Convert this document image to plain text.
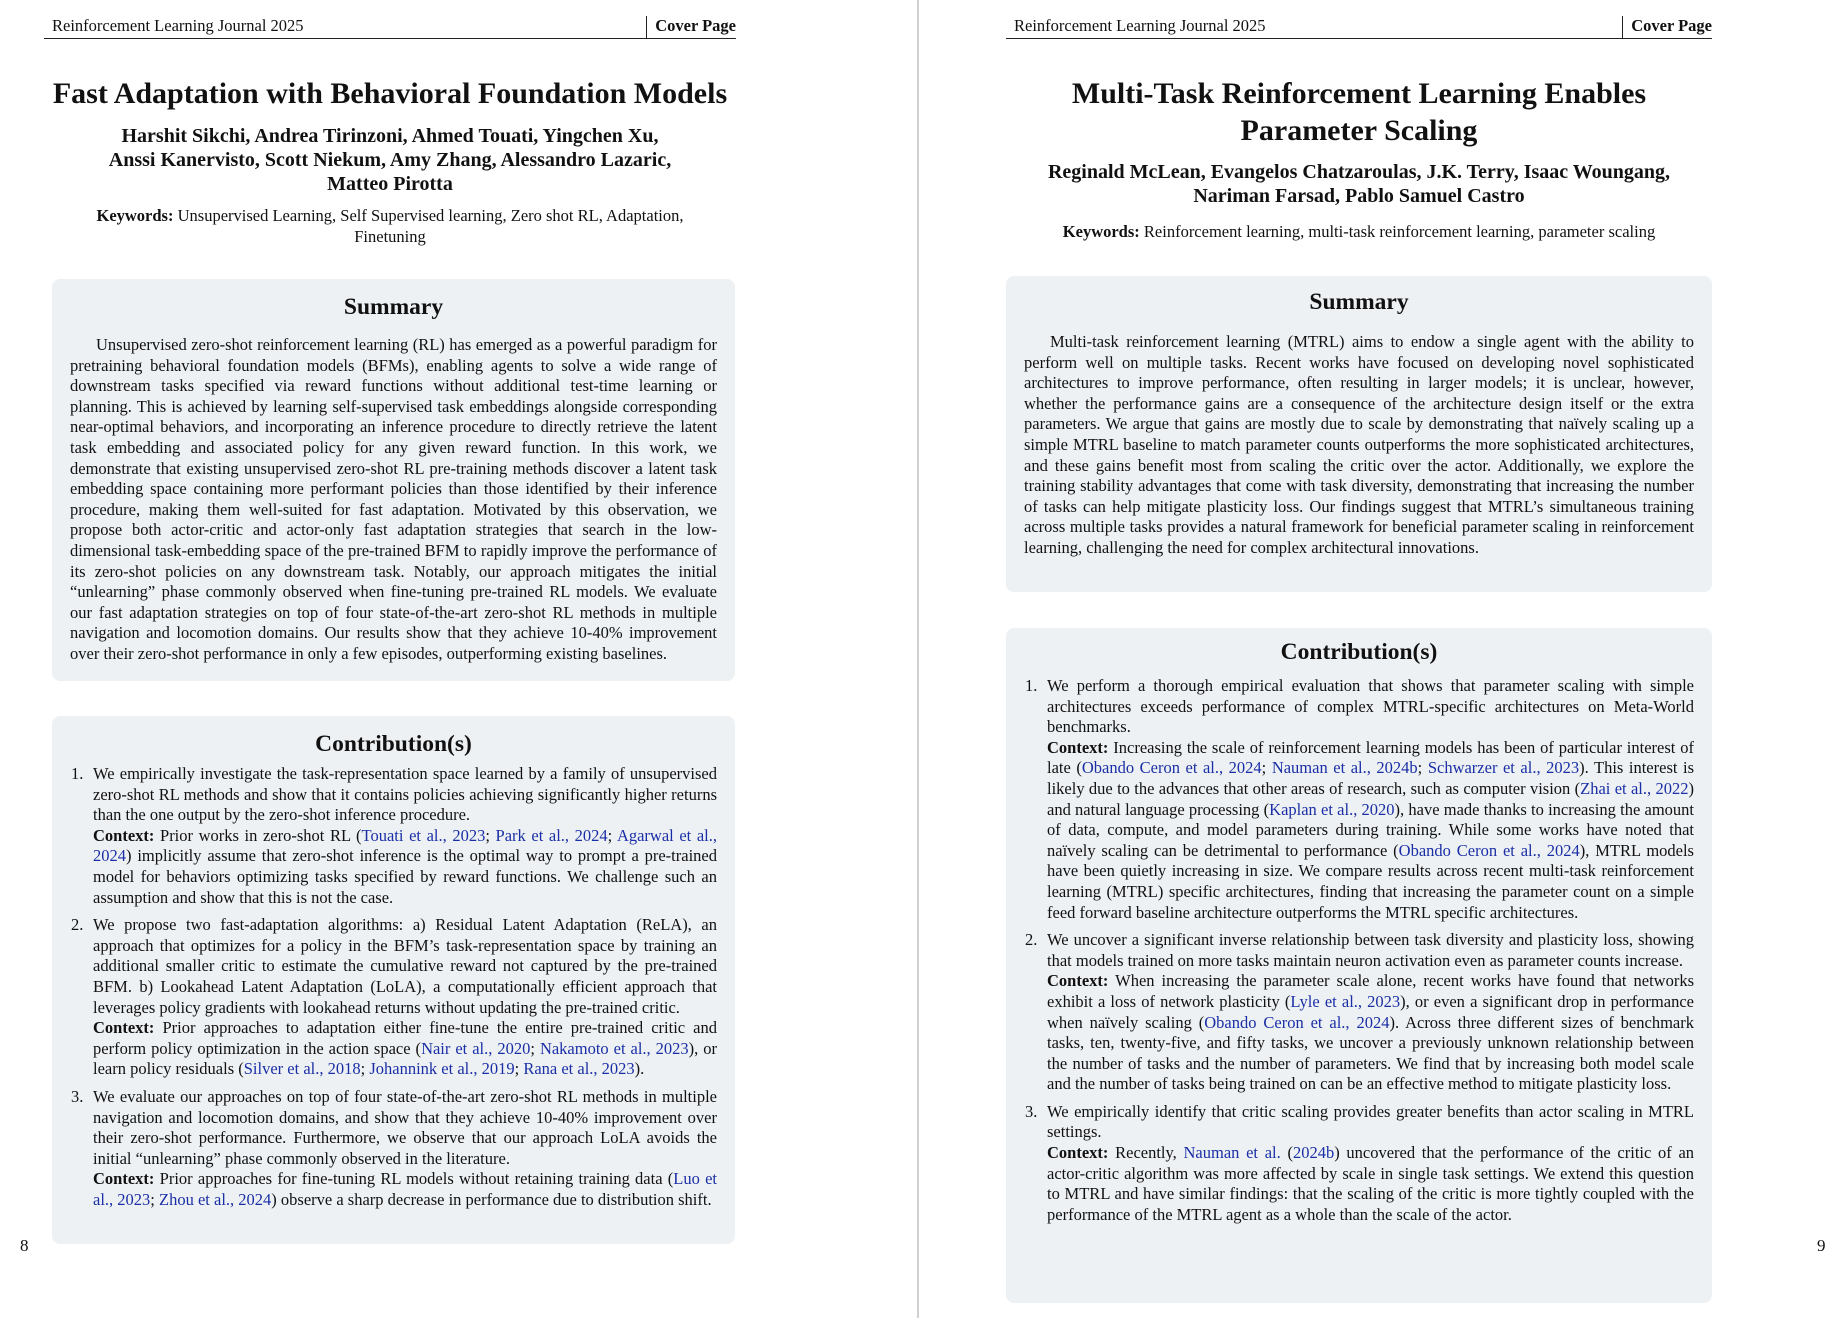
Reinforcement Learning Journal 2025	Cover Page
Fast Adaptation with Behavioral Foundation Models
Harshit Sikchi, Andrea Tirinzoni, Ahmed Touati, Yingchen Xu,
Anssi Kanervisto, Scott Niekum, Amy Zhang, Alessandro Lazaric,
Matteo Pirotta
Keywords: Unsupervised Learning, Self Supervised learning, Zero shot RL, Adaptation, Finetuning
Summary
Unsupervised zero-shot reinforcement learning (RL) has emerged as a powerful paradigm for pretraining behavioral foundation models (BFMs), enabling agents to solve a wide range of downstream tasks specified via reward functions without additional test-time learning or planning. This is achieved by learning self-supervised task embeddings alongside corresponding near-optimal behaviors, and incorporating an inference procedure to directly retrieve the latent task embedding and associated policy for any given reward function. In this work, we demonstrate that existing unsupervised zero-shot RL pre-training methods discover a latent task embedding space containing more performant policies than those identified by their inference procedure, making them well-suited for fast adaptation. Motivated by this observation, we propose both actor-critic and actor-only fast adaptation strategies that search in the low-dimensional task-embedding space of the pre-trained BFM to rapidly improve the performance of its zero-shot policies on any downstream task. Notably, our approach mitigates the initial “unlearning” phase commonly observed when fine-tuning pre-trained RL models. We evaluate our fast adaptation strategies on top of four state-of-the-art zero-shot RL methods in multiple navigation and locomotion domains. Our results show that they achieve 10-40% improvement over their zero-shot performance in only a few episodes, outperforming existing baselines.
Contribution(s)
1. We empirically investigate the task-representation space learned by a family of unsupervised zero-shot RL methods and show that it contains policies achieving significantly higher returns than the one output by the zero-shot inference procedure.
Context: Prior works in zero-shot RL (Touati et al., 2023; Park et al., 2024; Agarwal et al., 2024) implicitly assume that zero-shot inference is the optimal way to prompt a pre-trained model for behaviors optimizing tasks specified by reward functions. We challenge such an assumption and show that this is not the case.
2. We propose two fast-adaptation algorithms: a) Residual Latent Adaptation (ReLA), an approach that optimizes for a policy in the BFM’s task-representation space by training an additional smaller critic to estimate the cumulative reward not captured by the pre-trained BFM. b) Lookahead Latent Adaptation (LoLA), a computationally efficient approach that leverages policy gradients with lookahead returns without updating the pre-trained critic.
Context: Prior approaches to adaptation either fine-tune the entire pre-trained critic and perform policy optimization in the action space (Nair et al., 2020; Nakamoto et al., 2023), or learn policy residuals (Silver et al., 2018; Johannink et al., 2019; Rana et al., 2023).
3. We evaluate our approaches on top of four state-of-the-art zero-shot RL methods in multiple navigation and locomotion domains, and show that they achieve 10-40% improvement over their zero-shot performance. Furthermore, we observe that our approach LoLA avoids the initial “unlearning” phase commonly observed in the literature.
Context: Prior approaches for fine-tuning RL models without retaining training data (Luo et al., 2023; Zhou et al., 2024) observe a sharp decrease in performance due to distribution shift.
8
Reinforcement Learning Journal 2025	Cover Page
Multi-Task Reinforcement Learning Enables
Parameter Scaling
Reginald McLean, Evangelos Chatzaroulas, J.K. Terry, Isaac Woungang,
Nariman Farsad, Pablo Samuel Castro
Keywords: Reinforcement learning, multi-task reinforcement learning, parameter scaling
Summary
Multi-task reinforcement learning (MTRL) aims to endow a single agent with the ability to perform well on multiple tasks. Recent works have focused on developing novel sophisticated architectures to improve performance, often resulting in larger models; it is unclear, however, whether the performance gains are a consequence of the architecture design itself or the extra parameters. We argue that gains are mostly due to scale by demonstrating that naïvely scaling up a simple MTRL baseline to match parameter counts outperforms the more sophisticated architectures, and these gains benefit most from scaling the critic over the actor. Additionally, we explore the training stability advantages that come with task diversity, demonstrating that increasing the number of tasks can help mitigate plasticity loss. Our findings suggest that MTRL’s simultaneous training across multiple tasks provides a natural framework for beneficial parameter scaling in reinforcement learning, challenging the need for complex architectural innovations.
Contribution(s)
1. We perform a thorough empirical evaluation that shows that parameter scaling with simple architectures exceeds performance of complex MTRL-specific architectures on Meta-World benchmarks.
Context: Increasing the scale of reinforcement learning models has been of particular interest of late (Obando Ceron et al., 2024; Nauman et al., 2024b; Schwarzer et al., 2023). This interest is likely due to the advances that other areas of research, such as computer vision (Zhai et al., 2022) and natural language processing (Kaplan et al., 2020), have made thanks to increasing the amount of data, compute, and model parameters during training. While some works have noted that naïvely scaling can be detrimental to performance (Obando Ceron et al., 2024), MTRL models have been quietly increasing in size. We compare results across recent multi-task reinforcement learning (MTRL) specific architectures, finding that increasing the parameter count on a simple feed forward baseline architecture outperforms the MTRL specific architectures.
2. We uncover a significant inverse relationship between task diversity and plasticity loss, showing that models trained on more tasks maintain neuron activation even as parameter counts increase.
Context: When increasing the parameter scale alone, recent works have found that networks exhibit a loss of network plasticity (Lyle et al., 2023), or even a significant drop in performance when naïvely scaling (Obando Ceron et al., 2024). Across three different sizes of benchmark tasks, ten, twenty-five, and fifty tasks, we uncover a previously unknown relationship between the number of tasks and the number of parameters. We find that by increasing both model scale and the number of tasks being trained on can be an effective method to mitigate plasticity loss.
3. We empirically identify that critic scaling provides greater benefits than actor scaling in MTRL settings.
Context: Recently, Nauman et al. (2024b) uncovered that the performance of the critic of an actor-critic algorithm was more affected by scale in single task settings. We extend this question to MTRL and have similar findings: that the scaling of the critic is more tightly coupled with the performance of the MTRL agent as a whole than the scale of the actor.
9
